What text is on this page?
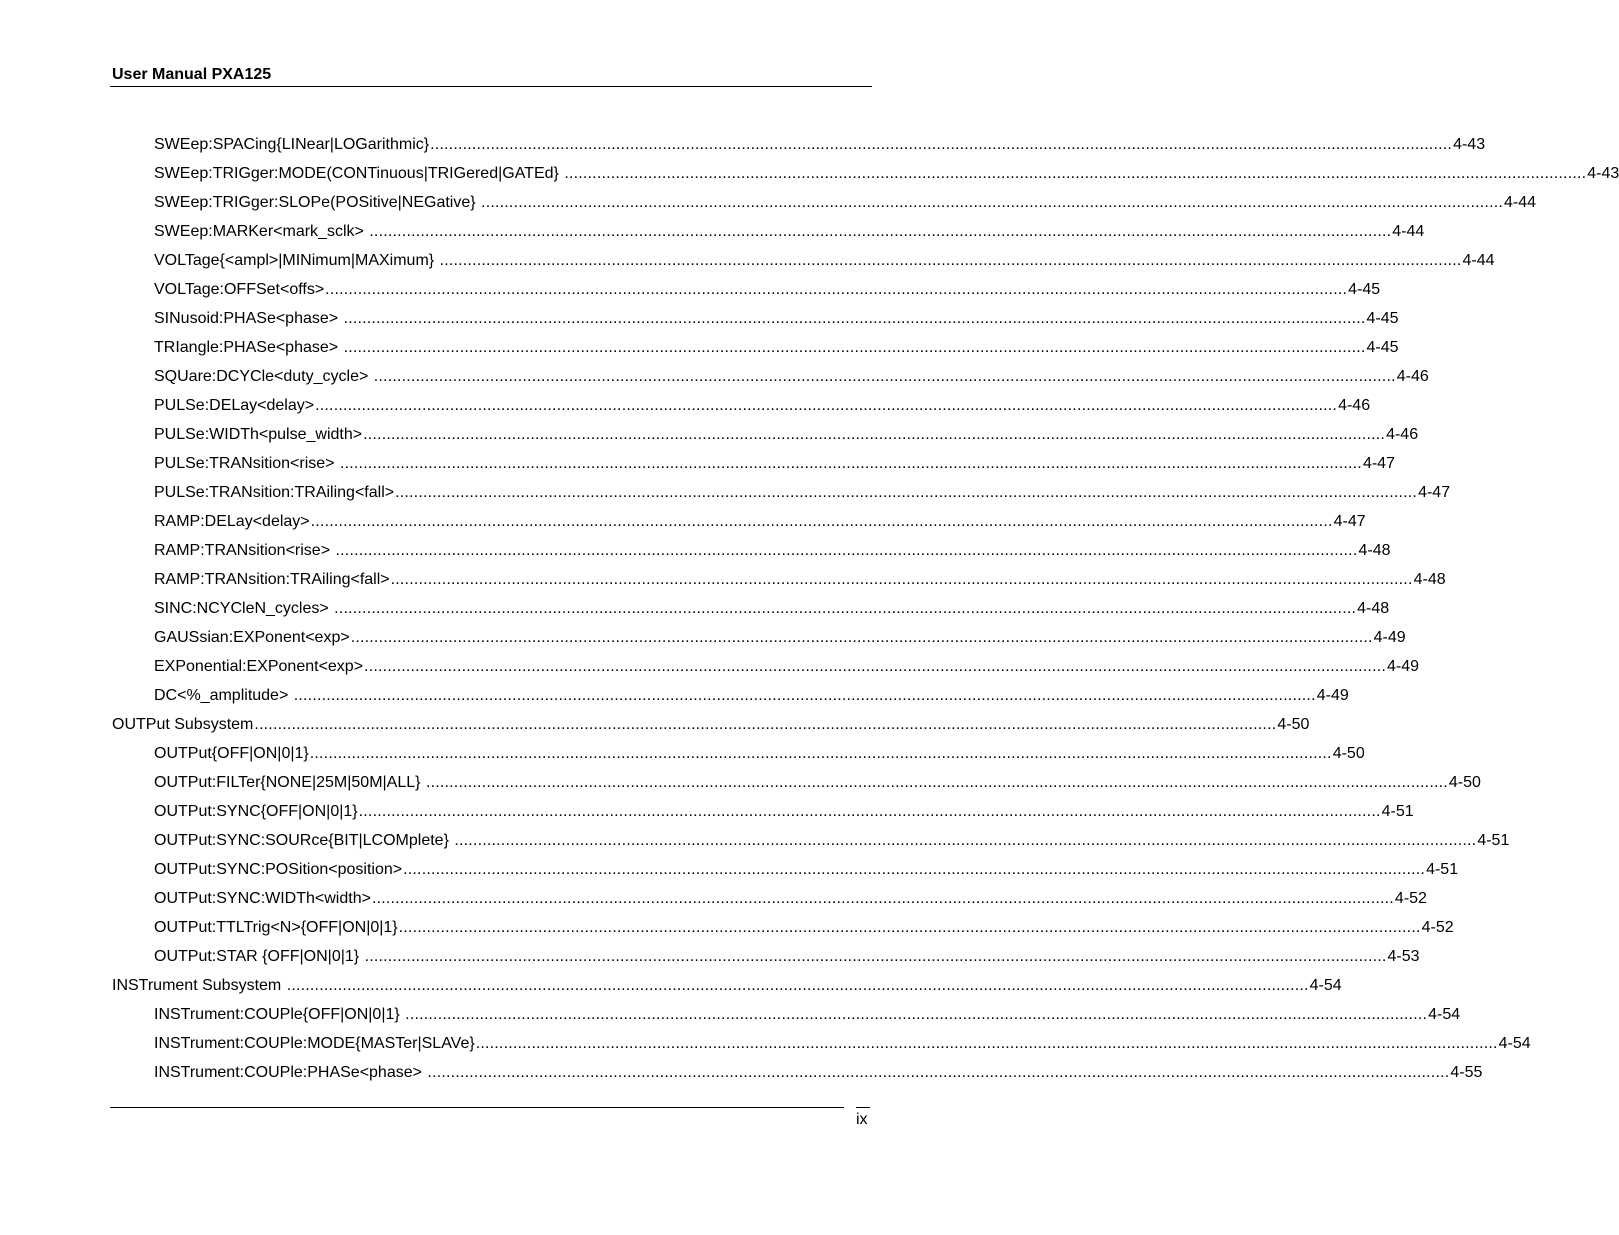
User Manual PXA125
SWEep:SPACing{LINear|LOGarithmic} ............................................................................................................................................................................................................................ 4-43
SWEep:TRIGger:MODE(CONTinuous|TRIGered|GATEd} ............................................................................................................................................................................................................................ 4-43
SWEep:TRIGger:SLOPe(POSitive|NEGative} ............................................................................................................................................................................................................................ 4-44
SWEep:MARKer<mark_sclk> ............................................................................................................................................................................................................................ 4-44
VOLTage{<ampl>|MINimum|MAXimum} ............................................................................................................................................................................................................................ 4-44
VOLTage:OFFSet<offs> ............................................................................................................................................................................................................................ 4-45
SINusoid:PHASe<phase> ............................................................................................................................................................................................................................ 4-45
TRIangle:PHASe<phase> ............................................................................................................................................................................................................................ 4-45
SQUare:DCYCle<duty_cycle> ............................................................................................................................................................................................................................ 4-46
PULSe:DELay<delay> ............................................................................................................................................................................................................................ 4-46
PULSe:WIDTh<pulse_width> ............................................................................................................................................................................................................................ 4-46
PULSe:TRANsition<rise> ............................................................................................................................................................................................................................ 4-47
PULSe:TRANsition:TRAiling<fall> ............................................................................................................................................................................................................................ 4-47
RAMP:DELay<delay> ............................................................................................................................................................................................................................ 4-47
RAMP:TRANsition<rise> ............................................................................................................................................................................................................................ 4-48
RAMP:TRANsition:TRAiling<fall> ............................................................................................................................................................................................................................ 4-48
SINC:NCYCleN_cycles> ............................................................................................................................................................................................................................ 4-48
GAUSsian:EXPonent<exp> ............................................................................................................................................................................................................................ 4-49
EXPonential:EXPonent<exp> ............................................................................................................................................................................................................................ 4-49
DC<%_amplitude> ............................................................................................................................................................................................................................ 4-49
OUTPut Subsystem ............................................................................................................................................................................................................................ 4-50
OUTPut{OFF|ON|0|1} ............................................................................................................................................................................................................................ 4-50
OUTPut:FILTer{NONE|25M|50M|ALL} ............................................................................................................................................................................................................................ 4-50
OUTPut:SYNC{OFF|ON|0|1} ............................................................................................................................................................................................................................ 4-51
OUTPut:SYNC:SOURce{BIT|LCOMplete} ............................................................................................................................................................................................................................ 4-51
OUTPut:SYNC:POSition<position> ............................................................................................................................................................................................................................ 4-51
OUTPut:SYNC:WIDTh<width> ............................................................................................................................................................................................................................ 4-52
OUTPut:TTLTrig<N>{OFF|ON|0|1} ............................................................................................................................................................................................................................ 4-52
OUTPut:STAR {OFF|ON|0|1} ............................................................................................................................................................................................................................ 4-53
INSTrument Subsystem ............................................................................................................................................................................................................................ 4-54
INSTrument:COUPle{OFF|ON|0|1} ............................................................................................................................................................................................................................ 4-54
INSTrument:COUPle:MODE{MASTer|SLAVe} ............................................................................................................................................................................................................................ 4-54
INSTrument:COUPle:PHASe<phase> ............................................................................................................................................................................................................................ 4-55
ix
